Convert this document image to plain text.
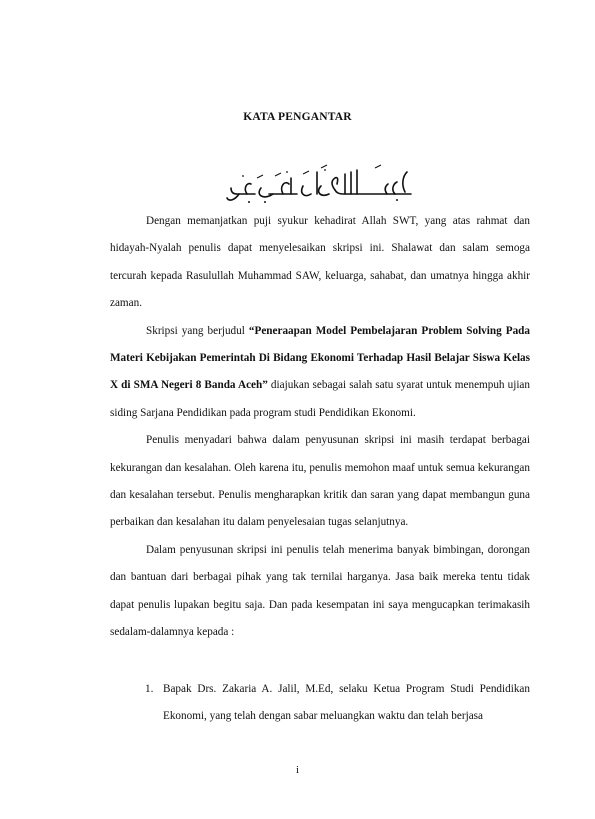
KATA PENGANTAR

Dengan memanjatkan puji syukur kehadirat Allah SWT, yang atas rahmat dan hidayah-Nyalah penulis dapat menyelesaikan skripsi ini. Shalawat dan salam semoga tercurah kepada Rasulullah Muhammad SAW, keluarga, sahabat, dan umatnya hingga akhir zaman.

Skripsi yang berjudul “Peneraapan Model Pembelajaran Problem Solving Pada Materi Kebijakan Pemerintah Di Bidang Ekonomi Terhadap Hasil Belajar Siswa Kelas X di SMA Negeri 8 Banda Aceh” diajukan sebagai salah satu syarat untuk menempuh ujian siding Sarjana Pendidikan pada program studi Pendidikan Ekonomi.

Penulis menyadari bahwa dalam penyusunan skripsi ini masih terdapat berbagai kekurangan dan kesalahan. Oleh karena itu, penulis memohon maaf untuk semua kekurangan dan kesalahan tersebut. Penulis mengharapkan kritik dan saran yang dapat membangun guna perbaikan dan kesalahan itu dalam penyelesaian tugas selanjutnya.

Dalam penyusunan skripsi ini penulis telah menerima banyak bimbingan, dorongan dan bantuan dari berbagai pihak yang tak ternilai harganya. Jasa baik mereka tentu tidak dapat penulis lupakan begitu saja. Dan pada kesempatan ini saya mengucapkan terimakasih sedalam-dalamnya kepada :

1. Bapak Drs. Zakaria A. Jalil, M.Ed, selaku Ketua Program Studi Pendidikan Ekonomi, yang telah dengan sabar meluangkan waktu dan telah berjasa

i
